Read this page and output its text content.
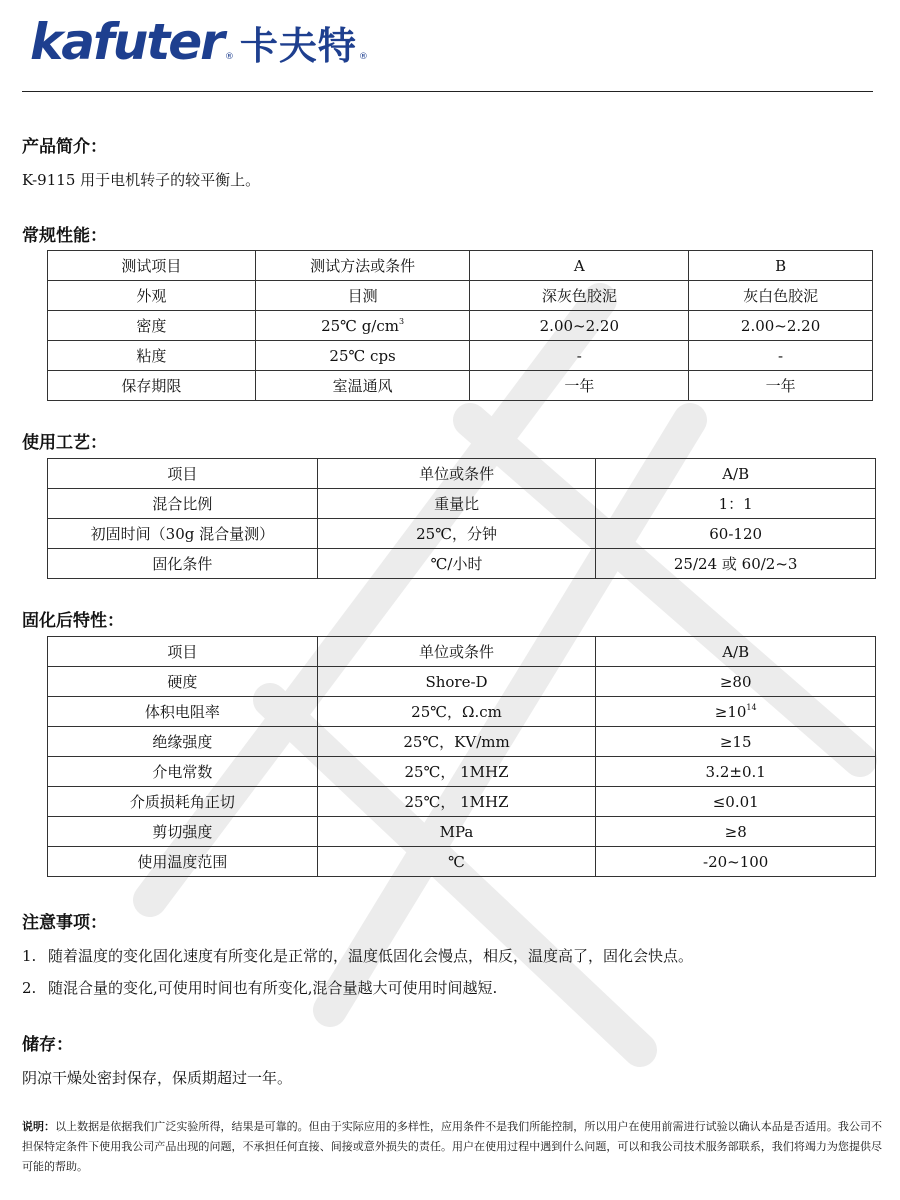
kafuter ® 卡夫特 ®
产品简介：
K-9115 用于电机转子的较平衡上。
常规性能：
测试项目	测试方法或条件	A	B
外观	目测	深灰色胶泥	灰白色胶泥
密度	25℃ $g/cm^3$	2.00~2.20	2.00~2.20
粘度	25℃ cps	-	-
保存期限	室温通风	一年	一年
使用工艺：
项目	单位或条件	A/B
混合比例	重量比	1：1
初固时间（30g 混合量测）	25℃，分钟	60-120
固化条件	℃/小时	25/24 或 60/2~3
固化后特性：
项目	单位或条件	A/B
硬度	Shore-D	≥80
体积电阻率	25℃，Ω.cm	$\ge 10^{14}$
绝缘强度	25℃，KV/mm	≥15
介电常数	25℃， 1MHZ	3.2±0.1
介质损耗角正切	25℃， 1MHZ	≤0.01
剪切强度	MPa	≥8
使用温度范围	℃	-20~100
注意事项：
1. 随着温度的变化固化速度有所变化是正常的，温度低固化会慢点，相反，温度高了，固化会快点。
2. 随混合量的变化,可使用时间也有所变化,混合量越大可使用时间越短.
储存：
阴凉干燥处密封保存，保质期超过一年。
说明：以上数据是依据我们广泛实验所得，结果是可靠的。但由于实际应用的多样性，应用条件不是我们所能控制，所以用户在使用前需进行试验以确认本品是否适用。我公司不担保特定条件下使用我公司产品出现的问题，不承担任何直接、间接或意外损失的责任。用户在使用过程中遇到什么问题，可以和我公司技术服务部联系，我们将竭力为您提供尽可能的帮助。
